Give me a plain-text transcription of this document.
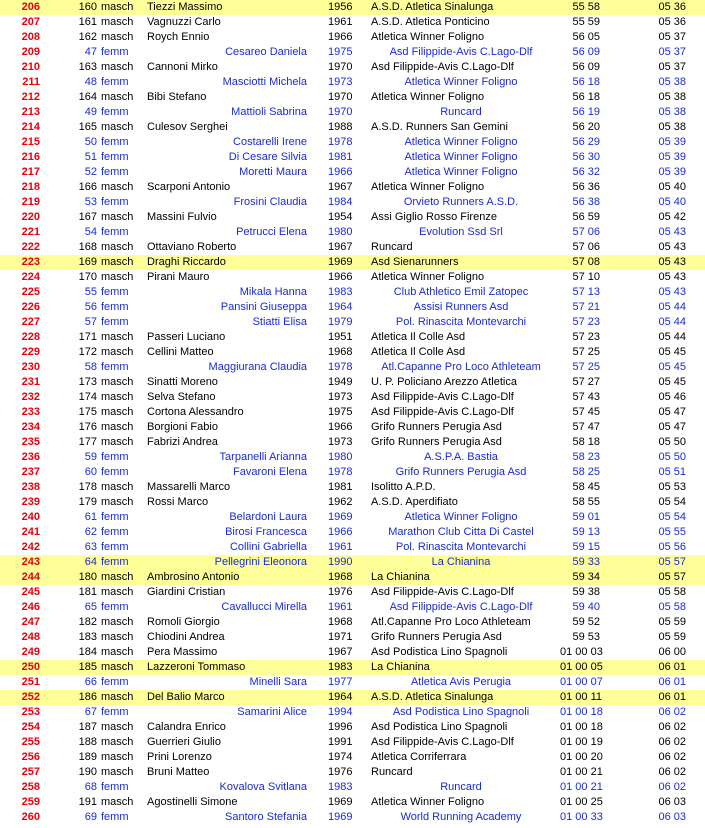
206	160 masch Tiezzi Massimo	1956 A.S.D. Atletica Sinalunga	55 58	05 36
207	161 masch Vagnuzzi Carlo	1961 A.S.D. Atletica Ponticino	55 59	05 36
208	162 masch Roych Ennio	1966 Atletica Winner Foligno	56 05	05 37
209	47 femm	Cesareo Daniela 1975	Asd Filippide-Avis C.Lago-Dlf	56 09	05 37
210	163 masch Cannoni Mirko	1970 Asd Filippide-Avis C.Lago-Dlf	56 09	05 37
211	48 femm	Masciotti Michela 1973	Atletica Winner Foligno	56 18	05 38
212	164 masch Bibi Stefano	1970 Atletica Winner Foligno	56 18	05 38
213	49 femm	Mattioli Sabrina 1970	Runcard	56 19	05 38
214	165 masch Culesov Serghei	1988 A.S.D. Runners San Gemini	56 20	05 38
215	50 femm	Costarelli Irene 1978	Atletica Winner Foligno	56 29	05 39
216	51 femm	Di Cesare Silvia 1981	Atletica Winner Foligno	56 30	05 39
217	52 femm	Moretti Maura 1966	Atletica Winner Foligno	56 32	05 39
218	166 masch Scarponi Antonio	1967 Atletica Winner Foligno	56 36	05 40
219	53 femm	Frosini Claudia 1984	Orvieto Runners A.S.D.	56 38	05 40
220	167 masch Massini Fulvio	1954 Assi Giglio Rosso Firenze	56 59	05 42
221	54 femm	Petrucci Elena 1980	Evolution Ssd Srl	57 06	05 43
222	168 masch Ottaviano Roberto	1967 Runcard	57 06	05 43
223	169 masch Draghi Riccardo	1969 Asd Sienarunners	57 08	05 43
224	170 masch Pirani Mauro	1966 Atletica Winner Foligno	57 10	05 43
225	55 femm	Mikala Hanna 1983	Club Athletico Emil Zatopec	57 13	05 43
226	56 femm	Pansini Giuseppa 1964	Assisi Runners Asd	57 21	05 44
227	57 femm	Stiatti Elisa 1979	Pol. Rinascita Montevarchi	57 23	05 44
228	171 masch Passeri Luciano	1951 Atletica Il Colle Asd	57 23	05 44
229	172 masch Cellini Matteo	1968 Atletica Il Colle Asd	57 25	05 45
230	58 femm	Maggiurana Claudia 1978	Atl.Capanne Pro Loco Athleteam	57 25	05 45
231	173 masch Sinatti Moreno	1949 U. P. Policiano Arezzo Atletica	57 27	05 45
232	174 masch Selva Stefano	1973 Asd Filippide-Avis C.Lago-Dlf	57 43	05 46
233	175 masch Cortona Alessandro	1975 Asd Filippide-Avis C.Lago-Dlf	57 45	05 47
234	176 masch Borgioni Fabio	1966 Grifo Runners Perugia Asd	57 47	05 47
235	177 masch Fabrizi Andrea	1973 Grifo Runners Perugia Asd	58 18	05 50
236	59 femm	Tarpanelli Arianna 1980	A.S.P.A. Bastia	58 23	05 50
237	60 femm	Favaroni Elena 1978	Grifo Runners Perugia Asd	58 25	05 51
238	178 masch Massarelli Marco	1981 Isolitto A.P.D.	58 45	05 53
239	179 masch Rossi Marco	1962 A.S.D. Aperdifiato	58 55	05 54
240	61 femm	Belardoni Laura 1969	Atletica Winner Foligno	59 01	05 54
241	62 femm	Birosi Francesca 1966	Marathon Club Citta Di Castel	59 13	05 55
242	63 femm	Collini Gabriella 1961	Pol. Rinascita Montevarchi	59 15	05 56
243	64 femm	Pellegrini Eleonora 1990	La Chianina	59 33	05 57
244	180 masch Ambrosino Antonio	1968 La Chianina	59 34	05 57
245	181 masch Giardini Cristian	1976 Asd Filippide-Avis C.Lago-Dlf	59 38	05 58
246	65 femm	Cavallucci Mirella 1961	Asd Filippide-Avis C.Lago-Dlf	59 40	05 58
247	182 masch Romoli Giorgio	1968 Atl.Capanne Pro Loco Athleteam	59 52	05 59
248	183 masch Chiodini Andrea	1971 Grifo Runners Perugia Asd	59 53	05 59
249	184 masch Pera Massimo	1967 Asd Podistica Lino Spagnoli	01 00 03	06 00
250	185 masch Lazzeroni Tommaso	1983 La Chianina	01 00 05	06 01
251	66 femm	Minelli Sara 1977	Atletica Avis Perugia	01 00 07	06 01
252	186 masch Del Balio Marco	1964 A.S.D. Atletica Sinalunga	01 00 11	06 01
253	67 femm	Samarini Alice 1994	Asd Podistica Lino Spagnoli	01 00 18	06 02
254	187 masch Calandra Enrico	1996 Asd Podistica Lino Spagnoli	01 00 18	06 02
255	188 masch Guerrieri Giulio	1991 Asd Filippide-Avis C.Lago-Dlf	01 00 19	06 02
256	189 masch Prini Lorenzo	1974 Atletica Corriferrara	01 00 20	06 02
257	190 masch Bruni Matteo	1976 Runcard	01 00 21	06 02
258	68 femm	Kovalova Svitlana 1983	Runcard	01 00 21	06 02
259	191 masch Agostinelli Simone	1969 Atletica Winner Foligno	01 00 25	06 03
260	69 femm	Santoro Stefania 1969	World Running Academy	01 00 33	06 03
